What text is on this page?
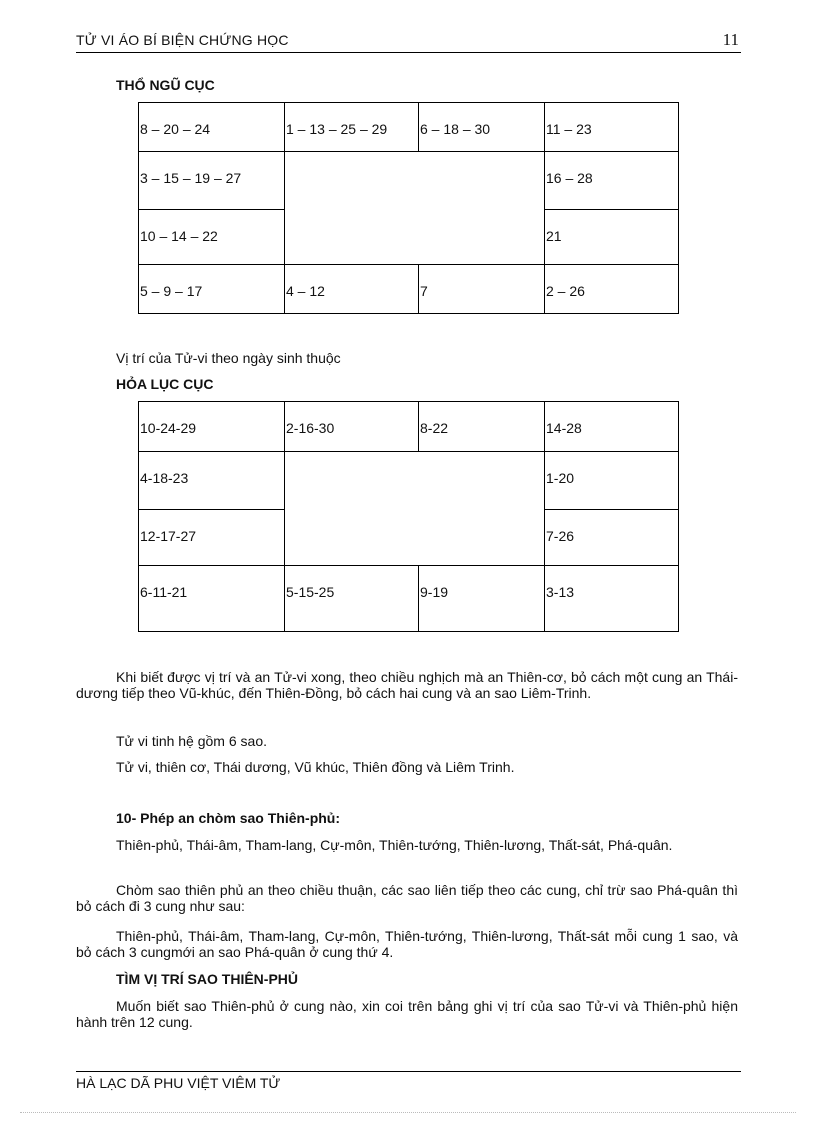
TỬ VI ÁO BÍ BIỆN CHỨNG HỌC	11
THỔ NGŨ CỤC
8 – 20 – 24	1 – 13 – 25 – 29	6 – 18 – 30	11 – 23
3 – 15 – 19 – 27			16 – 28
10 – 14 – 22			21
5 – 9 – 17	4 – 12	7	2 – 26
Vị trí của Tử-vi theo ngày sinh thuộc
HỎA LỤC CỤC
10-24-29	2-16-30	8-22	14-28
4-18-23			1-20
12-17-27			7-26
6-11-21	5-15-25	9-19	3-13

Khi biết được vị trí và an Tử-vi xong, theo chiều nghịch mà an Thiên-cơ, bỏ cách một cung an Thái-dương tiếp theo Vũ-khúc, đến Thiên-Đồng, bỏ cách hai cung và an sao Liêm-Trinh.

Tử vi tinh hệ gồm 6 sao.

Tử vi, thiên cơ, Thái dương, Vũ khúc, Thiên đồng và Liêm Trinh.

10- Phép an chòm sao Thiên-phủ:

Thiên-phủ, Thái-âm, Tham-lang, Cự-môn, Thiên-tướng, Thiên-lương, Thất-sát, Phá-quân.

Chòm sao thiên phủ an theo chiều thuận, các sao liên tiếp theo các cung, chỉ trừ sao Phá-quân thì bỏ cách đi 3 cung như sau:

Thiên-phủ, Thái-âm, Tham-lang, Cự-môn, Thiên-tướng, Thiên-lương, Thất-sát mỗi cung 1 sao, và bỏ cách 3 cungmới an sao Phá-quân ở cung thứ 4.

TÌM VỊ TRÍ SAO THIÊN-PHỦ

Muốn biết sao Thiên-phủ ở cung nào, xin coi trên bảng ghi vị trí của sao Tử-vi và Thiên-phủ hiện hành trên 12 cung.

HÀ LẠC DÃ PHU VIỆT VIÊM TỬ
